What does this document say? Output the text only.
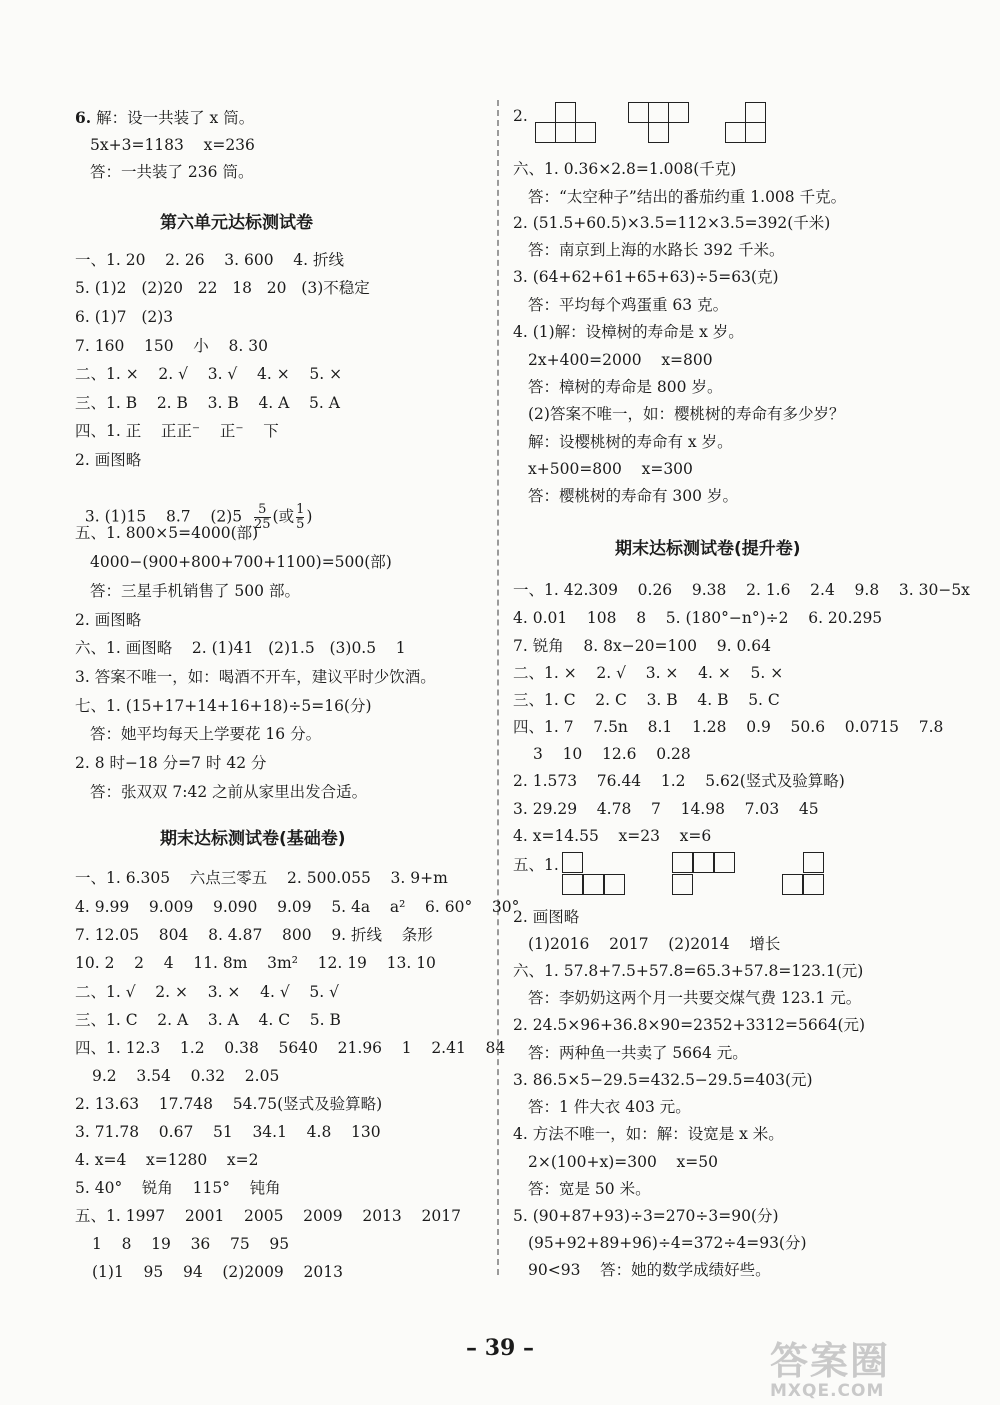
6. 解：设一共装了 x 筒。
5x+3=1183    x=236
答：一共装了 236 筒。
一、1. 20    2. 26    3. 600    4. 折线
5. (1)2   (2)20   22   18   20   (3)不稳定
6. (1)7   (2)3
7. 160    150    小    8. 30
二、1. ×    2. √    3. √    4. ×    5. ×
三、1. B    2. B    3. B    4. A    5. A
四、1. 正    正正⁻    正⁻    下
2. 画图略
五、1. 800×5=4000(部)
4000−(900+800+700+1100)=500(部)
答：三星手机销售了 500 部。
2. 画图略
六、1. 画图略    2. (1)41   (2)1.5   (3)0.5    1
3. 答案不唯一，如：喝酒不开车，建议平时少饮酒。
七、1. (15+17+14+16+18)÷5=16(分)
答：她平均每天上学要花 16 分。
2. 8 时−18 分=7 时 42 分
答：张双双 7:42 之前从家里出发合适。
一、1. 6.305    六点三零五    2. 500.055    3. 9+m
4. 9.99    9.009    9.090    9.09    5. 4a    a²    6. 60°    30°
7. 12.05    804    8. 4.87    800    9. 折线    条形
10. 2    2    4    11. 8m    3m²    12. 19    13. 10
二、1. √    2. ×    3. ×    4. √    5. √
三、1. C    2. A    3. A    4. C    5. B
四、1. 12.3    1.2    0.38    5640    21.96    1    2.41    84
9.2    3.54    0.32    2.05
2. 13.63    17.748    54.75(竖式及验算略)
3. 71.78    0.67    51    34.1    4.8    130
4. x=4    x=1280    x=2
5. 40°    锐角    115°    钝角
五、1. 1997    2001    2005    2009    2013    2017
1    8    19    36    75    95
(1)1    95    94    (2)2009    2013
第六单元达标测试卷

3. (1)15    8.7    $(2)5 \frac{5}{25}$ (或 $\frac{1}{5}$ )

期末达标测试卷(基础卷)
2.
六、1. 0.36×2.8=1.008(千克)
答：“太空种子”结出的番茄约重 1.008 千克。
2. (51.5+60.5)×3.5=112×3.5=392(千米)
答：南京到上海的水路长 392 千米。
3. (64+62+61+65+63)÷5=63(克)
答：平均每个鸡蛋重 63 克。
4. (1)解：设樟树的寿命是 x 岁。
2x+400=2000    x=800
答：樟树的寿命是 800 岁。
(2)答案不唯一，如：樱桃树的寿命有多少岁？
解：设樱桃树的寿命有 x 岁。
x+500=800    x=300
答：樱桃树的寿命有 300 岁。
一、1. 42.309    0.26    9.38    2. 1.6    2.4    9.8    3. 30−5x
4. 0.01    108    8    5. (180°−n°)÷2    6. 20.295
7. 锐角    8. 8x−20=100    9. 0.64
二、1. ×    2. √    3. ×    4. ×    5. ×
三、1. C    2. C    3. B    4. B    5. C
四、1. 7    7.5n    8.1    1.28    0.9    50.6    0.0715    7.8
3    10    12.6    0.28
2. 1.573    76.44    1.2    5.62(竖式及验算略)
3. 29.29    4.78    7    14.98    7.03    45
4. x=14.55    x=23    x=6
五、1.
2. 画图略
(1)2016    2017    (2)2014    增长
六、1. 57.8+7.5+57.8=65.3+57.8=123.1(元)
答：李奶奶这两个月一共要交煤气费 123.1 元。
2. 24.5×96+36.8×90=2352+3312=5664(元)
答：两种鱼一共卖了 5664 元。
3. 86.5×5−29.5=432.5−29.5=403(元)
答：1 件大衣 403 元。
4. 方法不唯一，如：解：设宽是 x 米。
2×(100+x)=300    x=50
答：宽是 50 米。
5. (90+87+93)÷3=270÷3=90(分)
(95+92+89+96)÷4=372÷4=93(分)
90<93    答：她的数学成绩好些。
期末达标测试卷(提升卷)
– 39 –	答案圈
MXQE.COM
